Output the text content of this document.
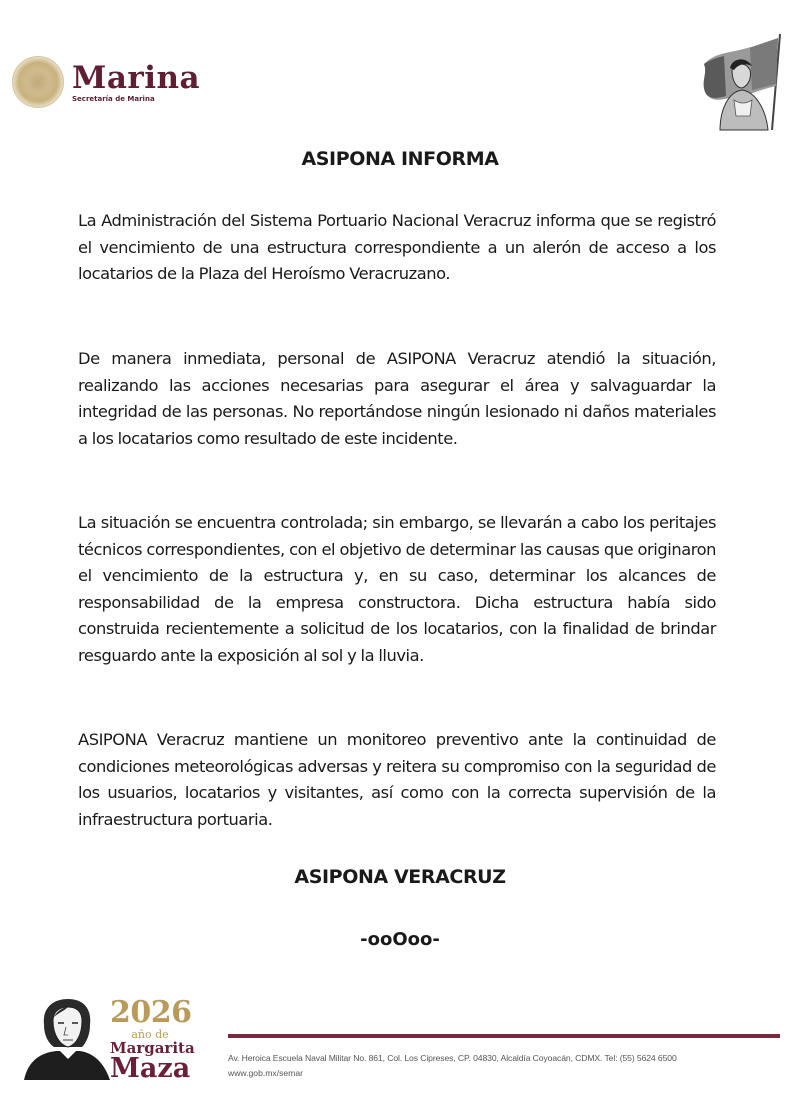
Marina
Secretaría de Marina
ASIPONA INFORMA

La Administración del Sistema Portuario Nacional Veracruz informa que se registró el vencimiento de una estructura correspondiente a un alerón de acceso a los locatarios de la Plaza del Heroísmo Veracruzano.

De manera inmediata, personal de ASIPONA Veracruz atendió la situación, realizando las acciones necesarias para asegurar el área y salvaguardar la integridad de las personas. No reportándose ningún lesionado ni daños materiales a los locatarios como resultado de este incidente.

La situación se encuentra controlada; sin embargo, se llevarán a cabo los peritajes técnicos correspondientes, con el objetivo de determinar las causas que originaron el vencimiento de la estructura y, en su caso, determinar los alcances de responsabilidad de la empresa constructora. Dicha estructura había sido construida recientemente a solicitud de los locatarios, con la finalidad de brindar resguardo ante la exposición al sol y la lluvia.

ASIPONA Veracruz mantiene un monitoreo preventivo ante la continuidad de condiciones meteorológicas adversas y reitera su compromiso con la seguridad de los usuarios, locatarios y visitantes, así como con la correcta supervisión de la infraestructura portuaria.

ASIPONA VERACRUZ
-ooOoo-
2026
año de
Margarita
Maza	Av. Heroica Escuela Naval Militar No. 861, Col. Los Cipreses, CP. 04830, Alcaldía Coyoacán, CDMX. Tel: (55) 5624 6500
www.gob.mx/semar
